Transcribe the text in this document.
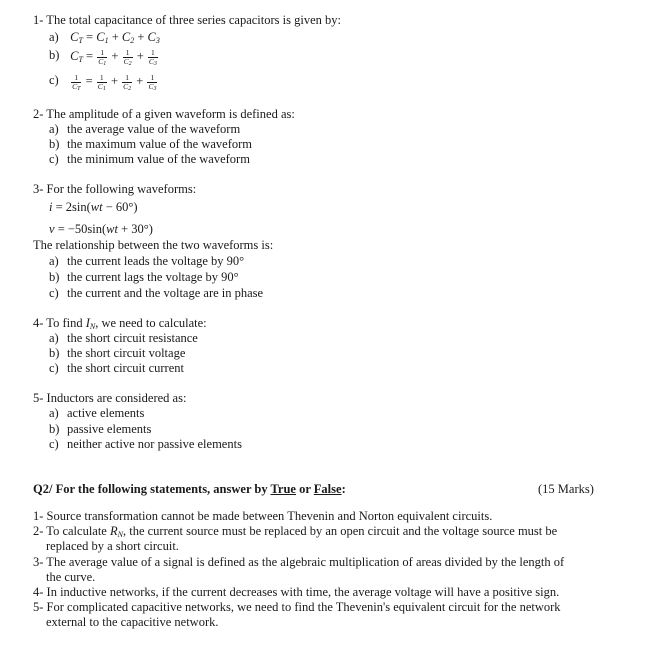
1- The total capacitance of three series capacitors is given by:
a) $C_T = C_1 + C_2 + C_3$
b) $C_T = \frac{1}{C_1} + \frac{1}{C_2} + \frac{1}{C_3}$
$c) \frac{1}{C_T} = \frac{1}{C_1} + \frac{1}{C_2} + \frac{1}{C_3}$
2- The amplitude of a given waveform is defined as:
a) the average value of the waveform
b) the maximum value of the waveform
c) the minimum value of the waveform
3- For the following waveforms:
i = 2sin(wt − 60°)
v = −50sin(wt + 30°)
The relationship between the two waveforms is:
a) the current leads the voltage by 90°
b) the current lags the voltage by 90°
c) the current and the voltage are in phase
4- To find $I_N$, we need to calculate:
a) the short circuit resistance
b) the short circuit voltage
c) the short circuit current
5- Inductors are considered as:
a) active elements
b) passive elements
c) neither active nor passive elements
Q2/ For the following statements, answer by True or False:	(15 Marks)
1- Source transformation cannot be made between Thevenin and Norton equivalent circuits.
2- To calculate $R_N$, the current source must be replaced by an open circuit and the voltage source must be
replaced by a short circuit.
3- The average value of a signal is defined as the algebraic multiplication of areas divided by the length of
the curve.
4- In inductive networks, if the current decreases with time, the average voltage will have a positive sign.
5- For complicated capacitive networks, we need to find the Thevenin's equivalent circuit for the network
external to the capacitive network.
